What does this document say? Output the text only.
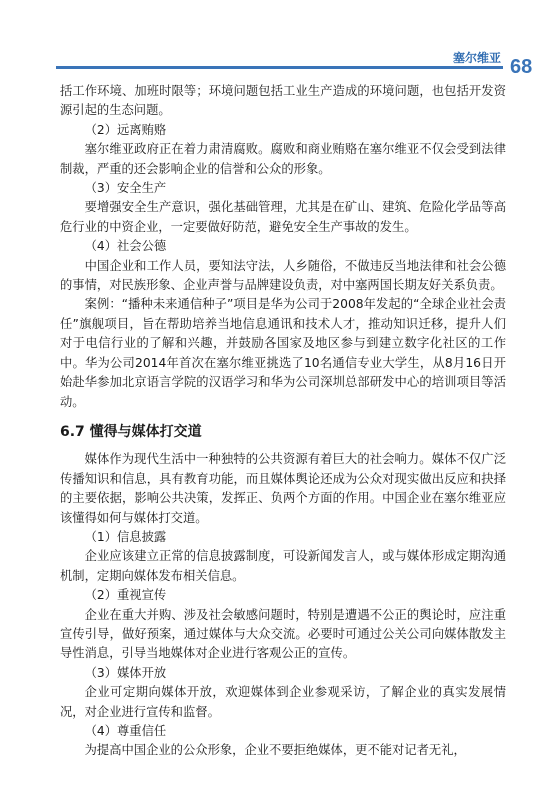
塞尔维亚 68

括工作环境、加班时限等；环境问题包括工业生产造成的环境问题，也包括开发资源引起的生态问题。

（2）远离贿赂

塞尔维亚政府正在着力肃清腐败。腐败和商业贿赂在塞尔维亚不仅会受到法律制裁，严重的还会影响企业的信誉和公众的形象。

（3）安全生产

要增强安全生产意识，强化基础管理，尤其是在矿山、建筑、危险化学品等高危行业的中资企业，一定要做好防范，避免安全生产事故的发生。

（4）社会公德

中国企业和工作人员，要知法守法，人乡随俗，不做违反当地法律和社会公德的事情，对民族形象、企业声誉与品牌建设负责，对中塞两国长期友好关系负责。

案例：“播种未来通信种子”项目是华为公司于2008年发起的“全球企业社会责任”旗舰项目，旨在帮助培养当地信息通讯和技术人才，推动知识迁移，提升人们对于电信行业的了解和兴趣，并鼓励各国家及地区参与到建立数字化社区的工作中。华为公司2014年首次在塞尔维亚挑选了10名通信专业大学生，从8月16日开始赴华参加北京语言学院的汉语学习和华为公司深圳总部研发中心的培训项目等活动。

6.7 懂得与媒体打交道

媒体作为现代生活中一种独特的公共资源有着巨大的社会响力。媒体不仅广泛传播知识和信息，具有教育功能，而且媒体舆论还成为公众对现实做出反应和抉择的主要依据，影响公共决策，发挥正、负两个方面的作用。中国企业在塞尔维亚应该懂得如何与媒体打交道。

（1）信息披露

企业应该建立正常的信息披露制度，可设新闻发言人，或与媒体形成定期沟通机制，定期向媒体发布相关信息。

（2）重视宣传

企业在重大并购、涉及社会敏感问题时，特别是遭遇不公正的舆论时，应注重宣传引导，做好预案，通过媒体与大众交流。必要时可通过公关公司向媒体散发主导性消息，引导当地媒体对企业进行客观公正的宣传。

（3）媒体开放

企业可定期向媒体开放，欢迎媒体到企业参观采访，了解企业的真实发展情况，对企业进行宣传和监督。

（4）尊重信任

为提高中国企业的公众形象，企业不要拒绝媒体，更不能对记者无礼，
